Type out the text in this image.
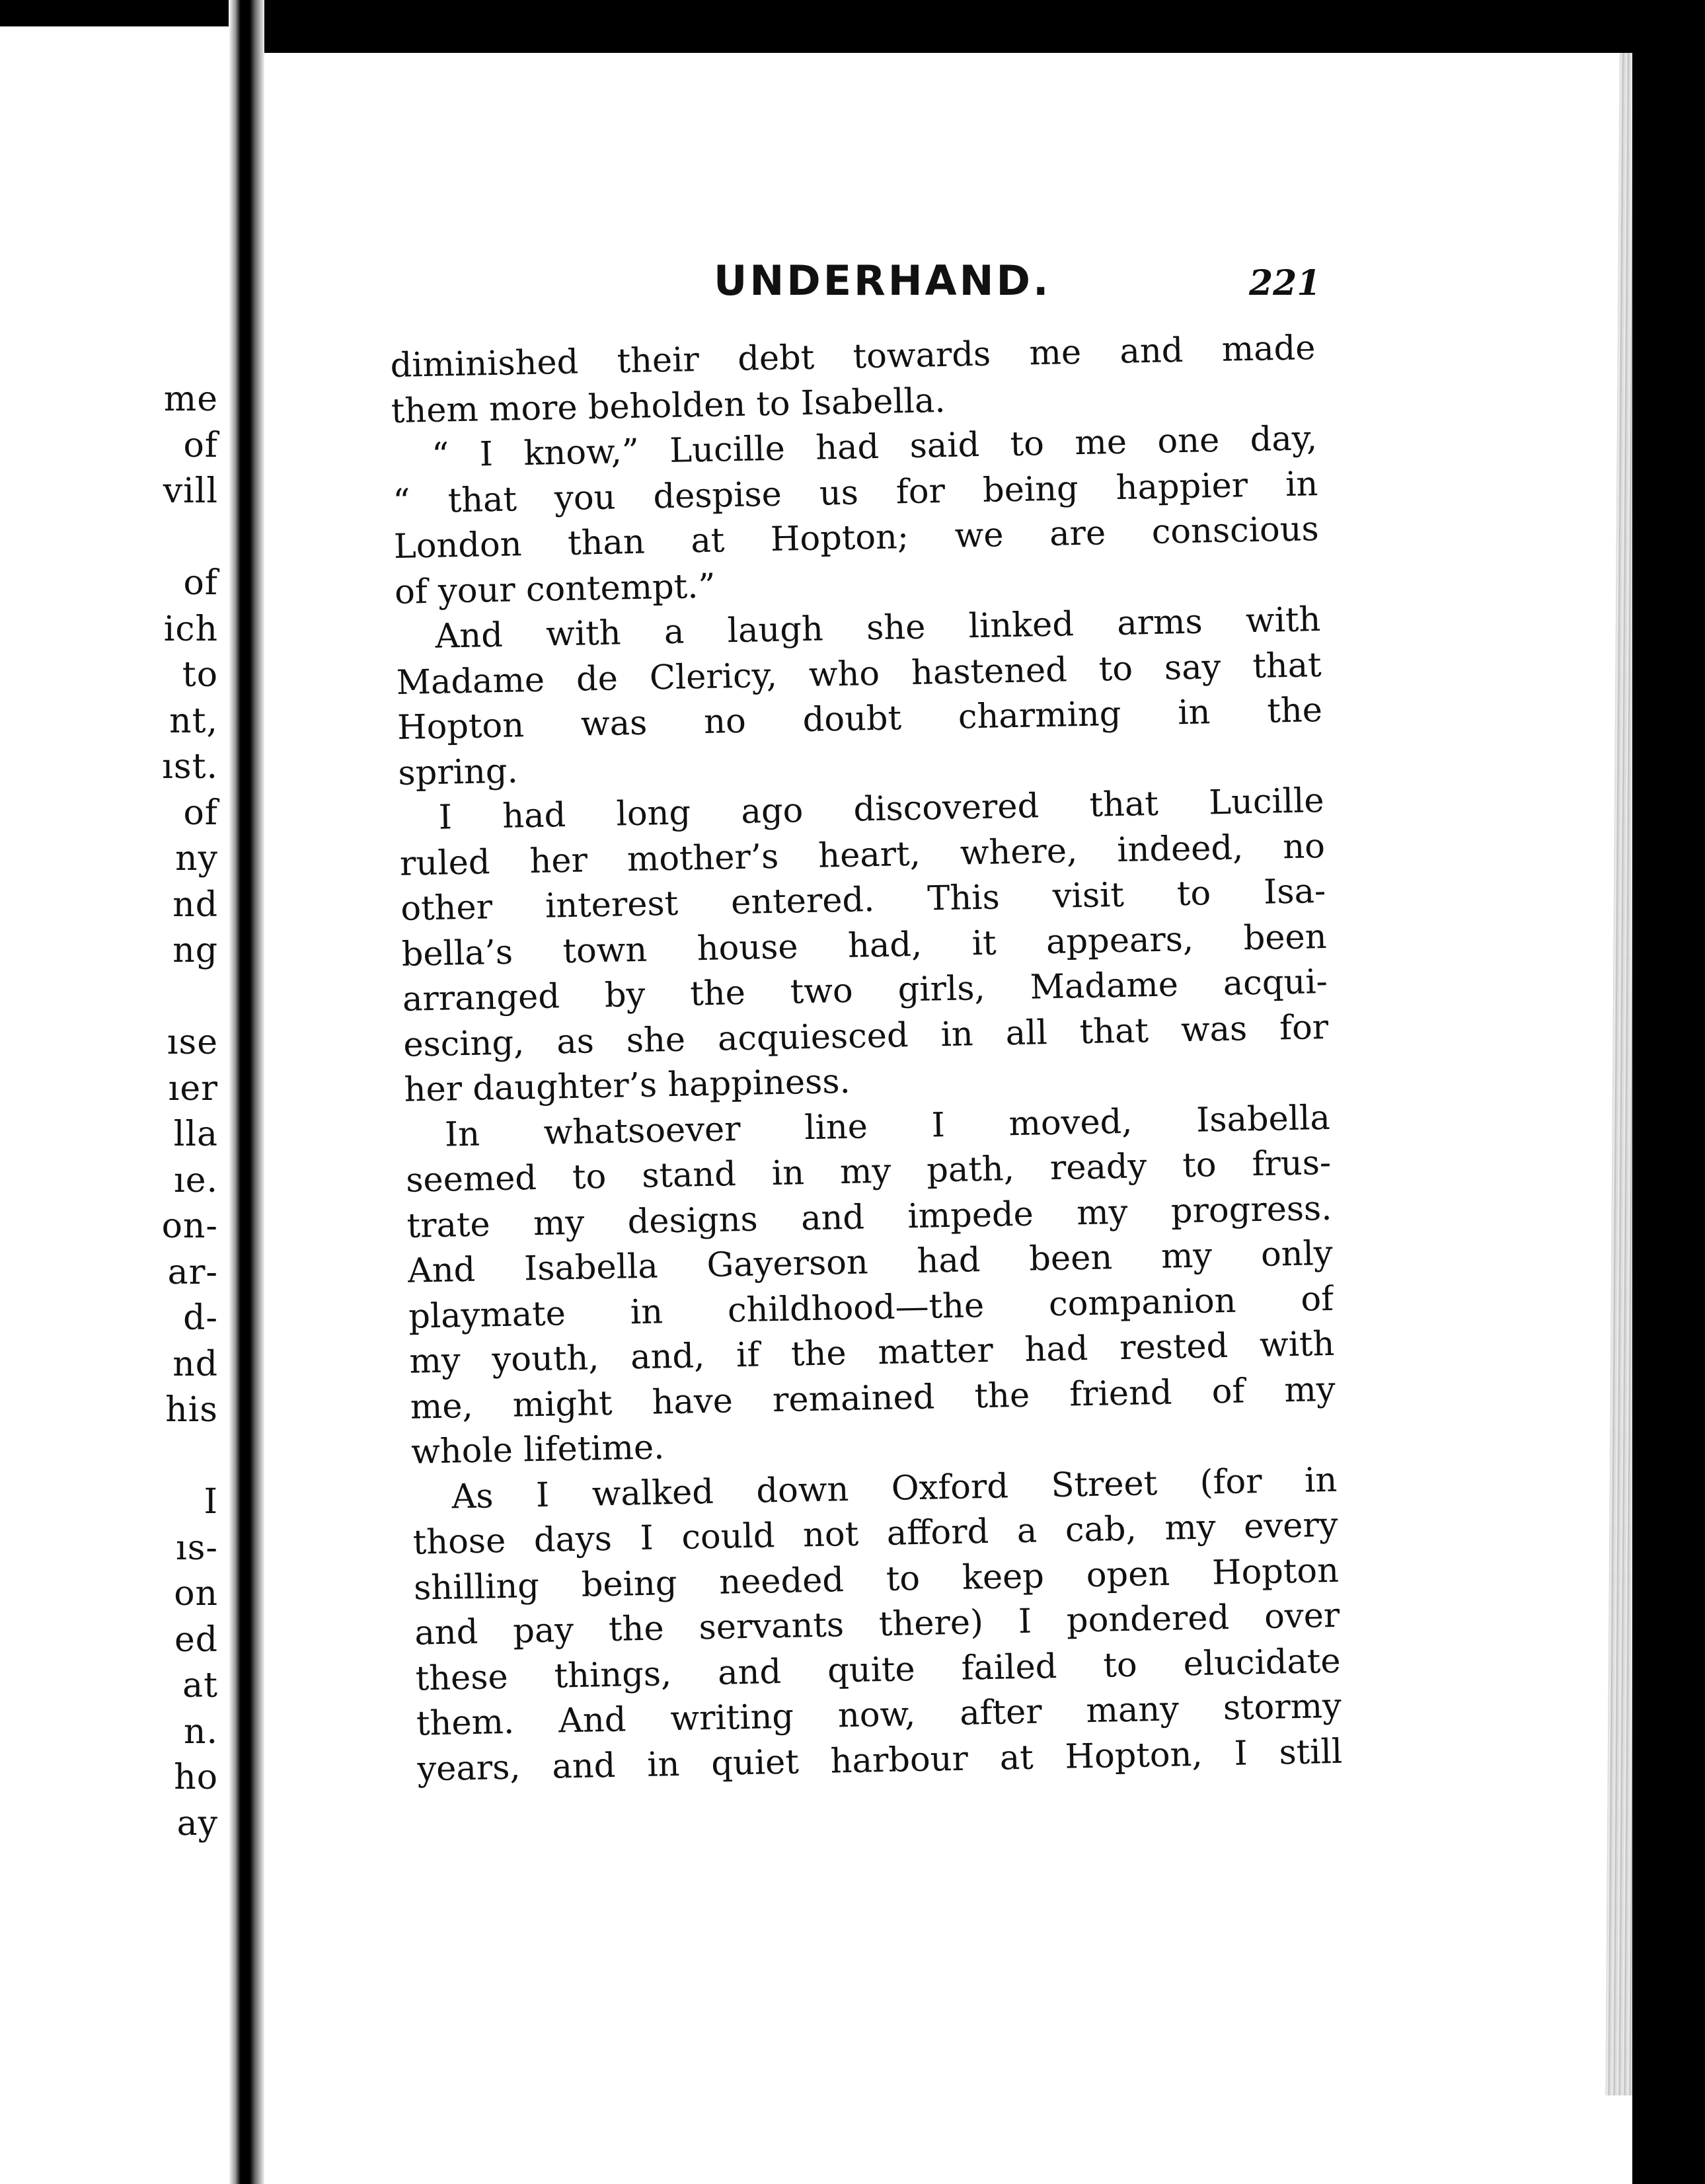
me
of
vill
of
ich
to
nt,
ıst.
of
ny
nd
ng
ıse
ıer
lla
ıe.
on-
ar-
d-
nd
his
I
ıs-
on
ed
at
n.
ho
ay
UNDERHAND.	221
diminished their debt towards me and made
them more beholden to Isabella.
“ I know,” Lucille had said to me one day,
“ that you despise us for being happier in
London than at Hopton; we are conscious
of your contempt.”
And with a laugh she linked arms with
Madame de Clericy, who hastened to say that
Hopton was no doubt charming in the
spring.
I had long ago discovered that Lucille
ruled her mother’s heart, where, indeed, no
other interest entered. This visit to Isa-
bella’s town house had, it appears, been
arranged by the two girls, Madame acqui-
escing, as she acquiesced in all that was for
her daughter’s happiness.
In whatsoever line I moved, Isabella
seemed to stand in my path, ready to frus-
trate my designs and impede my progress.
And Isabella Gayerson had been my only
playmate in childhood—the companion of
my youth, and, if the matter had rested with
me, might have remained the friend of my
whole lifetime.
As I walked down Oxford Street (for in
those days I could not afford a cab, my every
shilling being needed to keep open Hopton
and pay the servants there) I pondered over
these things, and quite failed to elucidate
them. And writing now, after many stormy
years, and in quiet harbour at Hopton, I still
